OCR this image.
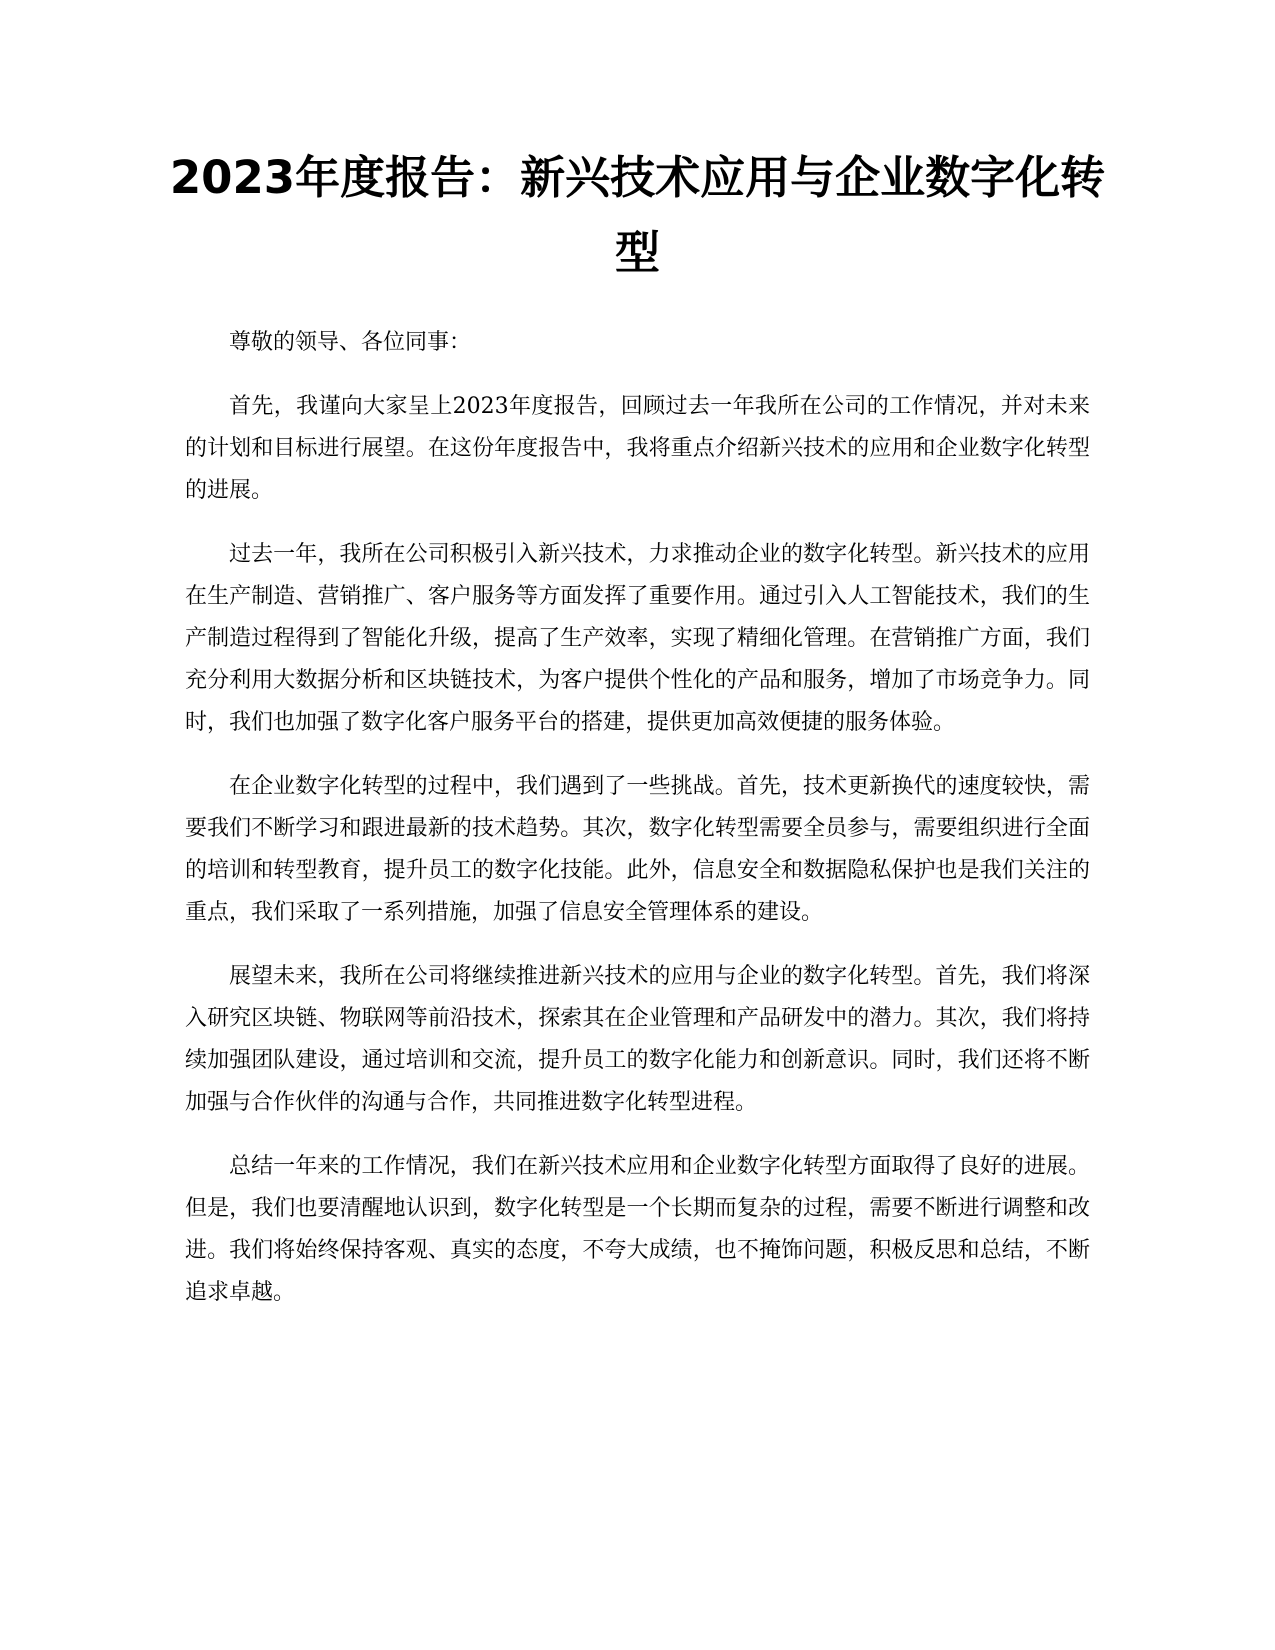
2023年度报告：新兴技术应用与企业数字化转型

尊敬的领导、各位同事：

首先，我谨向大家呈上2023年度报告，回顾过去一年我所在公司的工作情况，并对未来的计划和目标进行展望。在这份年度报告中，我将重点介绍新兴技术的应用和企业数字化转型的进展。

过去一年，我所在公司积极引入新兴技术，力求推动企业的数字化转型。新兴技术的应用在生产制造、营销推广、客户服务等方面发挥了重要作用。通过引入人工智能技术，我们的生产制造过程得到了智能化升级，提高了生产效率，实现了精细化管理。在营销推广方面，我们充分利用大数据分析和区块链技术，为客户提供个性化的产品和服务，增加了市场竞争力。同时，我们也加强了数字化客户服务平台的搭建，提供更加高效便捷的服务体验。

在企业数字化转型的过程中，我们遇到了一些挑战。首先，技术更新换代的速度较快，需要我们不断学习和跟进最新的技术趋势。其次，数字化转型需要全员参与，需要组织进行全面的培训和转型教育，提升员工的数字化技能。此外，信息安全和数据隐私保护也是我们关注的重点，我们采取了一系列措施，加强了信息安全管理体系的建设。

展望未来，我所在公司将继续推进新兴技术的应用与企业的数字化转型。首先，我们将深入研究区块链、物联网等前沿技术，探索其在企业管理和产品研发中的潜力。其次，我们将持续加强团队建设，通过培训和交流，提升员工的数字化能力和创新意识。同时，我们还将不断加强与合作伙伴的沟通与合作，共同推进数字化转型进程。

总结一年来的工作情况，我们在新兴技术应用和企业数字化转型方面取得了良好的进展。但是，我们也要清醒地认识到，数字化转型是一个长期而复杂的过程，需要不断进行调整和改进。我们将始终保持客观、真实的态度，不夸大成绩，也不掩饰问题，积极反思和总结，不断追求卓越。
